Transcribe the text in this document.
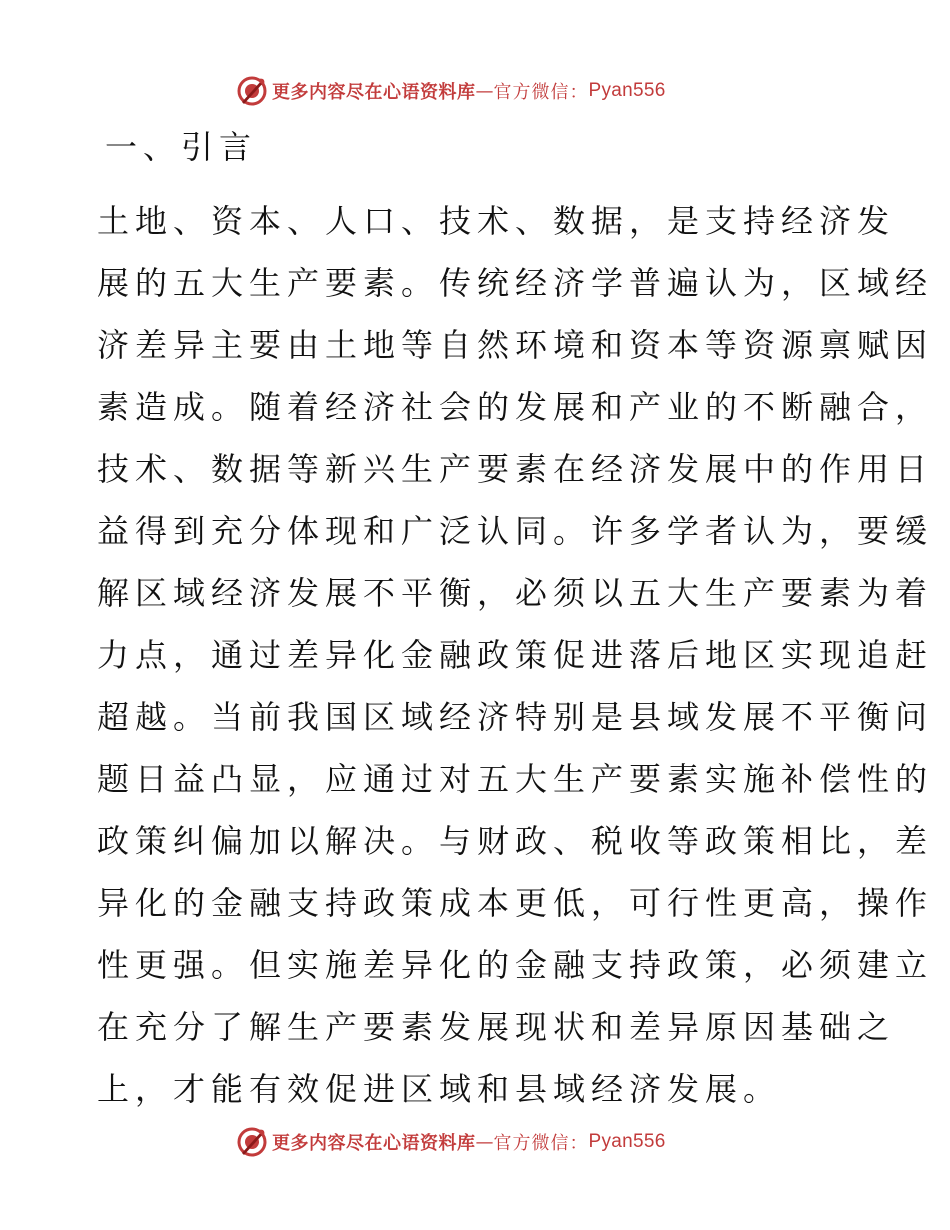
更多内容尽在心语资料库 — 官方微信： Pyan556
一、引言
土地、资本、人口、技术、数据，是支持经济发
展的五大生产要素。传统经济学普遍认为，区域经
济差异主要由土地等自然环境和资本等资源禀赋因
素造成。随着经济社会的发展和产业的不断融合，
技术、数据等新兴生产要素在经济发展中的作用日
益得到充分体现和广泛认同。许多学者认为，要缓
解区域经济发展不平衡，必须以五大生产要素为着
力点，通过差异化金融政策促进落后地区实现追赶
超越。当前我国区域经济特别是县域发展不平衡问
题日益凸显，应通过对五大生产要素实施补偿性的
政策纠偏加以解决。与财政、税收等政策相比，差
异化的金融支持政策成本更低，可行性更高，操作
性更强。但实施差异化的金融支持政策，必须建立
在充分了解生产要素发展现状和差异原因基础之
上，才能有效促进区域和县域经济发展。
更多内容尽在心语资料库 — 官方微信： Pyan556
